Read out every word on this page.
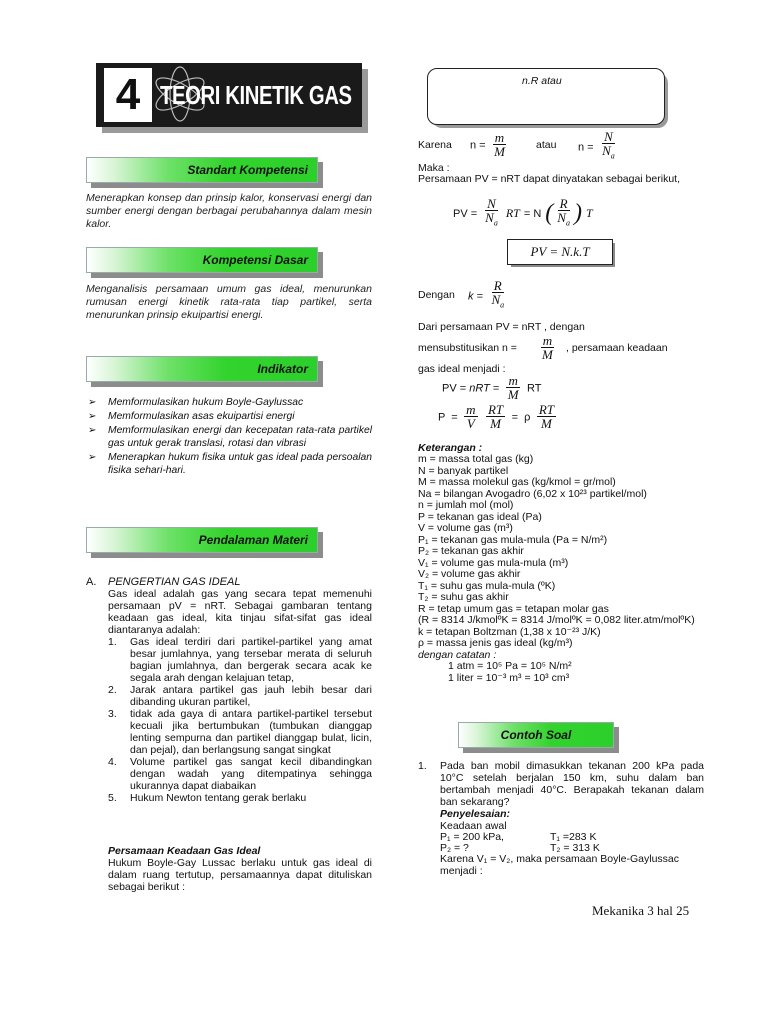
4 TEORI KINETIK GAS
Standart Kompetensi
Menerapkan konsep dan prinsip kalor, konservasi energi dan sumber energi dengan berbagai perubahannya dalam mesin kalor.
Kompetensi Dasar
Menganalisis persamaan umum gas ideal, menurunkan rumusan energi kinetik rata-rata tiap partikel, serta menurunkan prinsip ekuipartisi energi.
Indikator
➢ Memformulasikan hukum Boyle-Gaylussac
➢ Memformulasikan asas ekuipartisi energi
➢ Memformulasikan energi dan kecepatan rata-rata partikel gas untuk gerak translasi, rotasi dan vibrasi
➢ Menerapkan hukum fisika untuk gas ideal pada persoalan fisika sehari-hari.
Pendalaman Materi
A. PENGERTIAN GAS IDEAL
Gas ideal adalah gas yang secara tepat memenuhi persamaan pV = nRT. Sebagai gambaran tentang keadaan gas ideal, kita tinjau sifat-sifat gas ideal diantaranya adalah:
1. Gas ideal terdiri dari partikel-partikel yang amat besar jumlahnya, yang tersebar merata di seluruh bagian jumlahnya, dan bergerak secara acak ke segala arah dengan kelajuan tetap,
2. Jarak antara partikel gas jauh lebih besar dari dibanding ukuran partikel,
3. tidak ada gaya di antara partikel-partikel tersebut kecuali jika bertumbukan (tumbukan dianggap lenting sempurna dan partikel dianggap bulat, licin, dan pejal), dan berlangsung sangat singkat
4. Volume partikel gas sangat kecil dibandingkan dengan wadah yang ditempatinya sehingga ukurannya dapat diabaikan
5. Hukum Newton tentang gerak berlaku
Persamaan Keadaan Gas Ideal
Hukum Boyle-Gay Lussac berlaku untuk gas ideal di dalam ruang tertutup, persamaannya dapat dituliskan sebagai berikut :
n.R atau
Karena $n = \frac{m}{M}$	atau $n = \frac{N}{N_a}$
Maka :
Persamaan PV = nRT dapat dinyatakan sebagai berikut,
PV = $\frac{N}{N_a}$ RT = N ( $\frac{R}{N_a}$ ) T
PV = N.k.T
Dengan $k = \frac{R}{N_a}$
Dari persamaan PV = nRT , dengan
mensubstitusikan $n = \frac{m}{M}$ , persamaan keadaan
gas ideal menjadi :
PV = nRT = $\frac{m}{M}$ RT
$P = \frac{m}{V}$
$\frac{RT}{M} = \rho \frac{RT}{M}$
Keterangan :
m = massa total gas (kg)
N = banyak partikel
M = massa molekul gas (kg/kmol = gr/mol)
Na = bilangan Avogadro (6,02 x 10²³ partikel/mol)
n = jumlah mol (mol)
P = tekanan gas ideal (Pa)
V = volume gas (m³)
P₁ = tekanan gas mula-mula (Pa = N/m²)
P₂ = tekanan gas akhir
V₁ = volume gas mula-mula (m³)
V₂ = volume gas akhir
T₁ = suhu gas mula-mula (ºK)
T₂ = suhu gas akhir
R = tetap umum gas = tetapan molar gas
(R = 8314 J/kmolºK = 8314 J/molºK = 0,082 liter.atm/molºK)
k = tetapan Boltzman (1,38 x 10⁻²³ J/K)
ρ = massa jenis gas ideal (kg/m³)
dengan catatan :
1 atm = 10⁵ Pa = 10⁵ N/m²
1 liter = 10⁻³ m³ = 10³ cm³
Contoh Soal
1. Pada ban mobil dimasukkan tekanan 200 kPa pada 10°C setelah berjalan 150 km, suhu dalam ban bertambah menjadi 40°C. Berapakah tekanan dalam ban sekarang?
Penyelesaian:
Keadaan awal
P₁ = 200 kPa,	T₁ =283 K
P₂ = ?	T₂ = 313 K
Karena V₁ = V₂, maka persamaan Boyle-Gaylussac menjadi :
Mekanika 3 hal 25
